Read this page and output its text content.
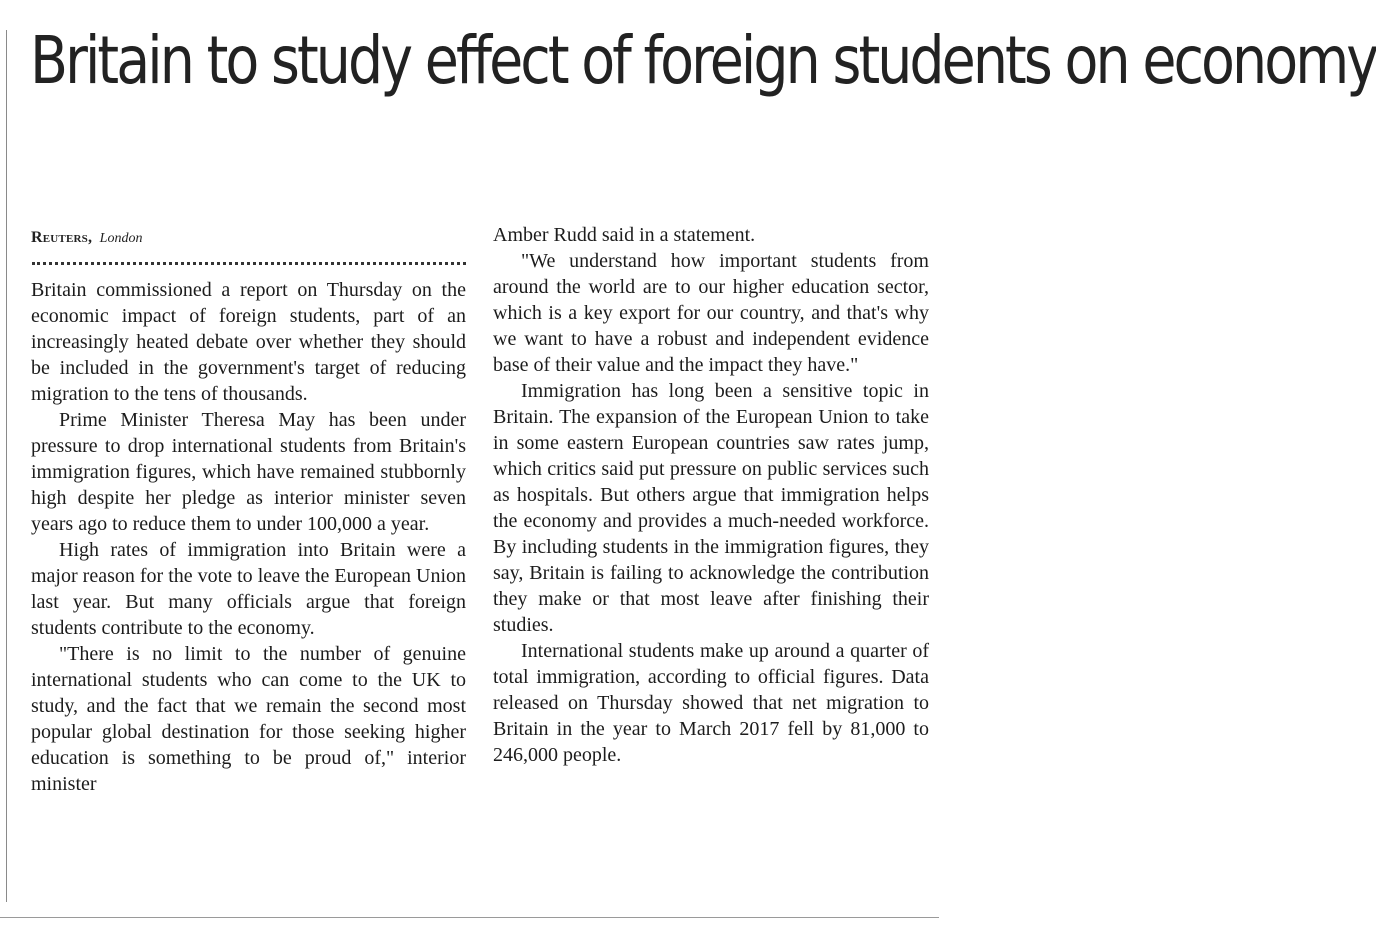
Britain to study effect of foreign students on economy
Reuters, London

Britain commissioned a report on Thursday on the economic impact of foreign students, part of an increasingly heated debate over whether they should be included in the government's target of reducing migration to the tens of thousands.

Prime Minister Theresa May has been under pressure to drop international students from Britain's immigration figures, which have remained stubbornly high despite her pledge as interior minister seven years ago to reduce them to under 100,000 a year.

High rates of immigration into Britain were a major reason for the vote to leave the European Union last year. But many officials argue that foreign students contribute to the economy.

"There is no limit to the number of genuine international students who can come to the UK to study, and the fact that we remain the second most popular global destination for those seeking higher education is something to be proud of," interior minister

Amber Rudd said in a statement.

"We understand how important students from around the world are to our higher education sector, which is a key export for our country, and that's why we want to have a robust and independent evidence base of their value and the impact they have."

Immigration has long been a sensitive topic in Britain. The expansion of the European Union to take in some eastern European countries saw rates jump, which critics said put pressure on public services such as hospitals. But others argue that immigration helps the economy and provides a much-needed workforce. By including students in the immigration figures, they say, Britain is failing to acknowledge the contribution they make or that most leave after finishing their studies.

International students make up around a quarter of total immigration, according to official figures. Data released on Thursday showed that net migration to Britain in the year to March 2017 fell by 81,000 to 246,000 people.
